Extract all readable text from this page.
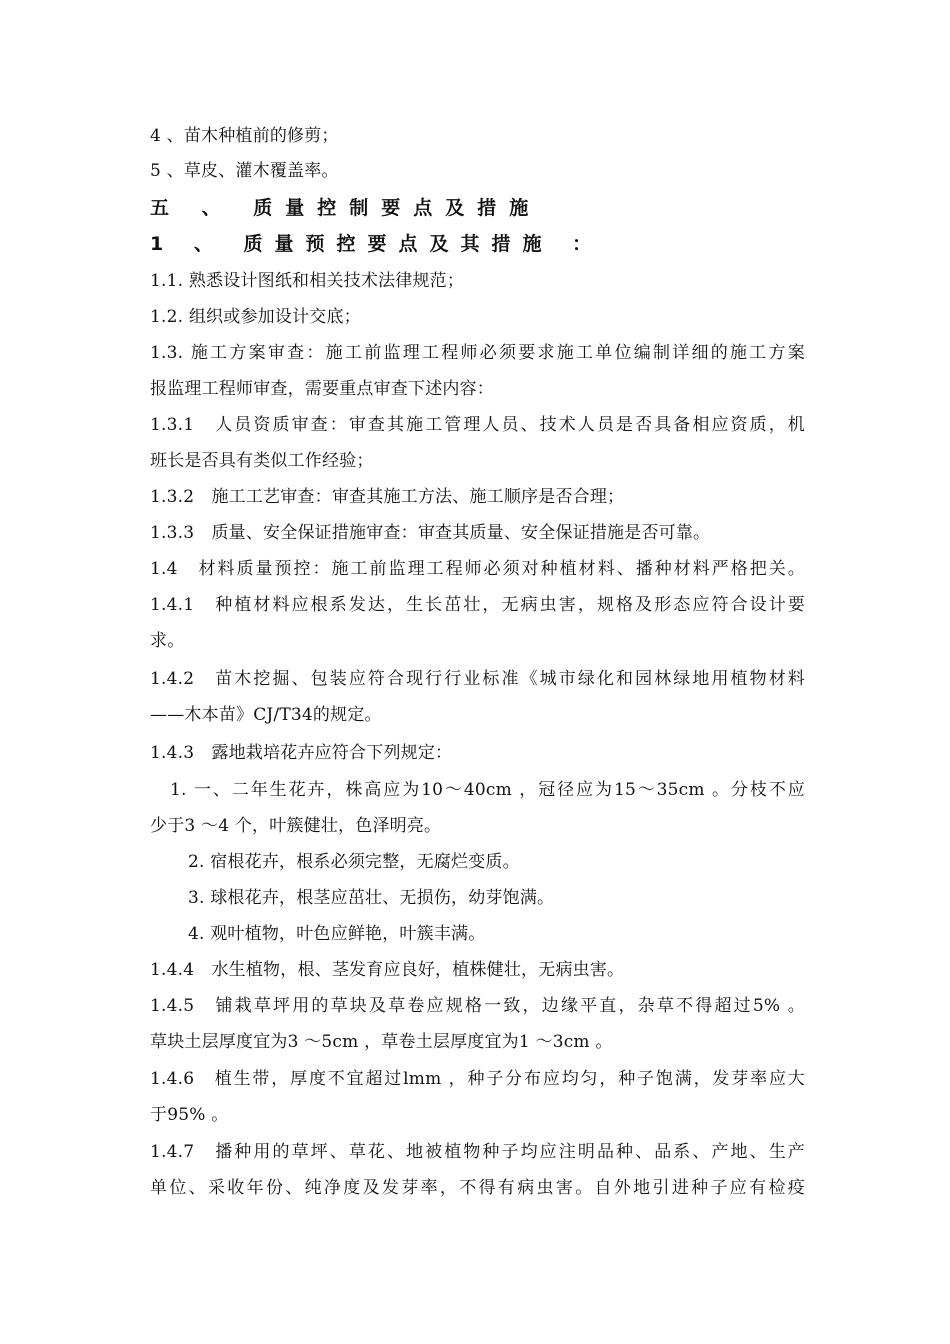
4 、苗木种植前的修剪；
5 、草皮、灌木覆盖率。
五 、 质量控制要点及措施
1 、 质量预控要点及其措施 ：
1.1. 熟悉设计图纸和相关技术法律规范；
1.2. 组织或参加设计交底；
1.3. 施工方案审查：施工前监理工程师必须要求施工单位编制详细的施工方案
报监理工程师审查，需要重点审查下述内容：
1.3.1　人员资质审查：审查其施工管理人员、技术人员是否具备相应资质，机
班长是否具有类似工作经验；
1.3.2　施工工艺审查：审查其施工方法、施工顺序是否合理；
1.3.3　质量、安全保证措施审查：审查其质量、安全保证措施是否可靠。
1.4　材料质量预控：施工前监理工程师必须对种植材料、播种材料严格把关。
1.4.1　种植材料应根系发达，生长茁壮，无病虫害，规格及形态应符合设计要
求。
1.4.2　苗木挖掘、包装应符合现行行业标准《城市绿化和园林绿地用植物材料
——木本苗》CJ/T34的规定。
1.4.3　露地栽培花卉应符合下列规定：
1. 一、二年生花卉，株高应为10～40cm ，冠径应为15～35cm 。分枝不应
少于3 ～4 个，叶簇健壮，色泽明亮。
2. 宿根花卉，根系必须完整，无腐烂变质。
3. 球根花卉，根茎应茁壮、无损伤，幼芽饱满。
4. 观叶植物，叶色应鲜艳，叶簇丰满。
1.4.4　水生植物，根、茎发育应良好，植株健壮，无病虫害。
1.4.5　铺栽草坪用的草块及草卷应规格一致，边缘平直，杂草不得超过5% 。
草块土层厚度宜为3 ～5cm ，草卷土层厚度宜为1 ～3cm 。
1.4.6　植生带，厚度不宜超过lmm ，种子分布应均匀，种子饱满，发芽率应大
于95% 。
1.4.7　播种用的草坪、草花、地被植物种子均应注明品种、品系、产地、生产
单位、采收年份、纯净度及发芽率，不得有病虫害。自外地引进种子应有检疫
